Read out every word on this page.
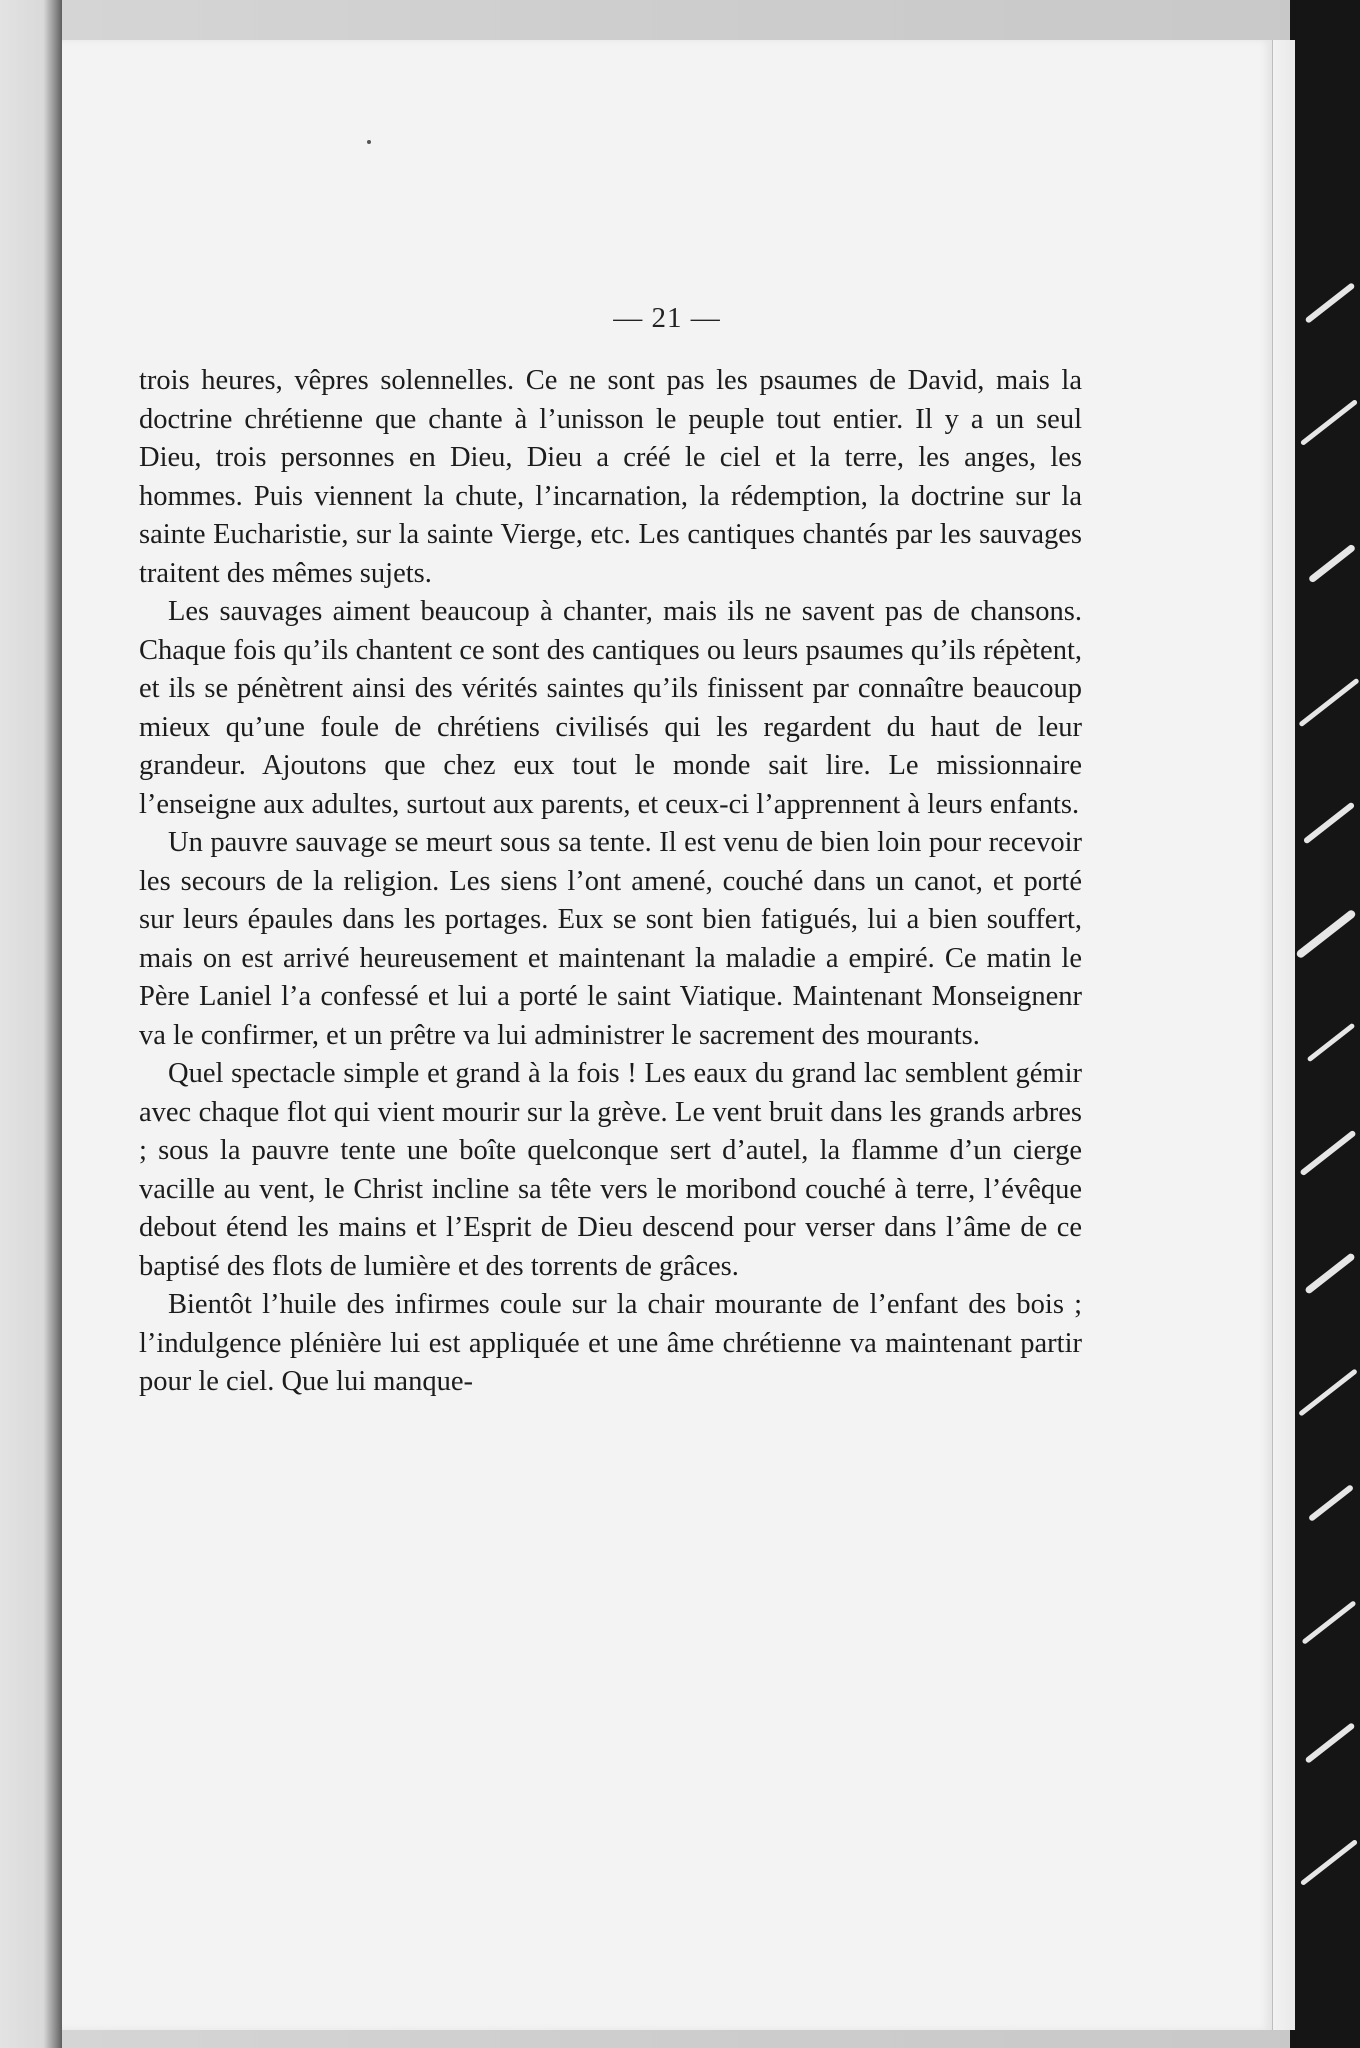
— 21 —

trois heures, vêpres solennelles. Ce ne sont pas les psaumes de David, mais la doctrine chrétienne que chante à l’unisson le peuple tout entier. Il y a un seul Dieu, trois personnes en Dieu, Dieu a créé le ciel et la terre, les anges, les hommes. Puis viennent la chute, l’incarnation, la rédemption, la doctrine sur la sainte Eucharistie, sur la sainte Vierge, etc. Les cantiques chantés par les sauvages traitent des mêmes sujets.

Les sauvages aiment beaucoup à chanter, mais ils ne savent pas de chansons. Chaque fois qu’ils chantent ce sont des cantiques ou leurs psaumes qu’ils répètent, et ils se pénètrent ainsi des vérités saintes qu’ils finissent par connaître beaucoup mieux qu’une foule de chrétiens civilisés qui les regardent du haut de leur grandeur. Ajoutons que chez eux tout le monde sait lire. Le missionnaire l’enseigne aux adultes, surtout aux parents, et ceux-ci l’apprennent à leurs enfants.

Un pauvre sauvage se meurt sous sa tente. Il est venu de bien loin pour recevoir les secours de la religion. Les siens l’ont amené, couché dans un canot, et porté sur leurs épaules dans les portages. Eux se sont bien fatigués, lui a bien souffert, mais on est arrivé heureusement et maintenant la maladie a empiré. Ce matin le Père Laniel l’a confessé et lui a porté le saint Viatique. Maintenant Monseignenr va le confirmer, et un prêtre va lui administrer le sacrement des mourants.

Quel spectacle simple et grand à la fois ! Les eaux du grand lac semblent gémir avec chaque flot qui vient mourir sur la grève. Le vent bruit dans les grands arbres ; sous la pauvre tente une boîte quelconque sert d’autel, la flamme d’un cierge vacille au vent, le Christ incline sa tête vers le moribond couché à terre, l’évêque debout étend les mains et l’Esprit de Dieu descend pour verser dans l’âme de ce baptisé des flots de lumière et des torrents de grâces.

Bientôt l’huile des infirmes coule sur la chair mourante de l’enfant des bois ; l’indulgence plénière lui est appliquée et une âme chrétienne va maintenant partir pour le ciel. Que lui manque-
